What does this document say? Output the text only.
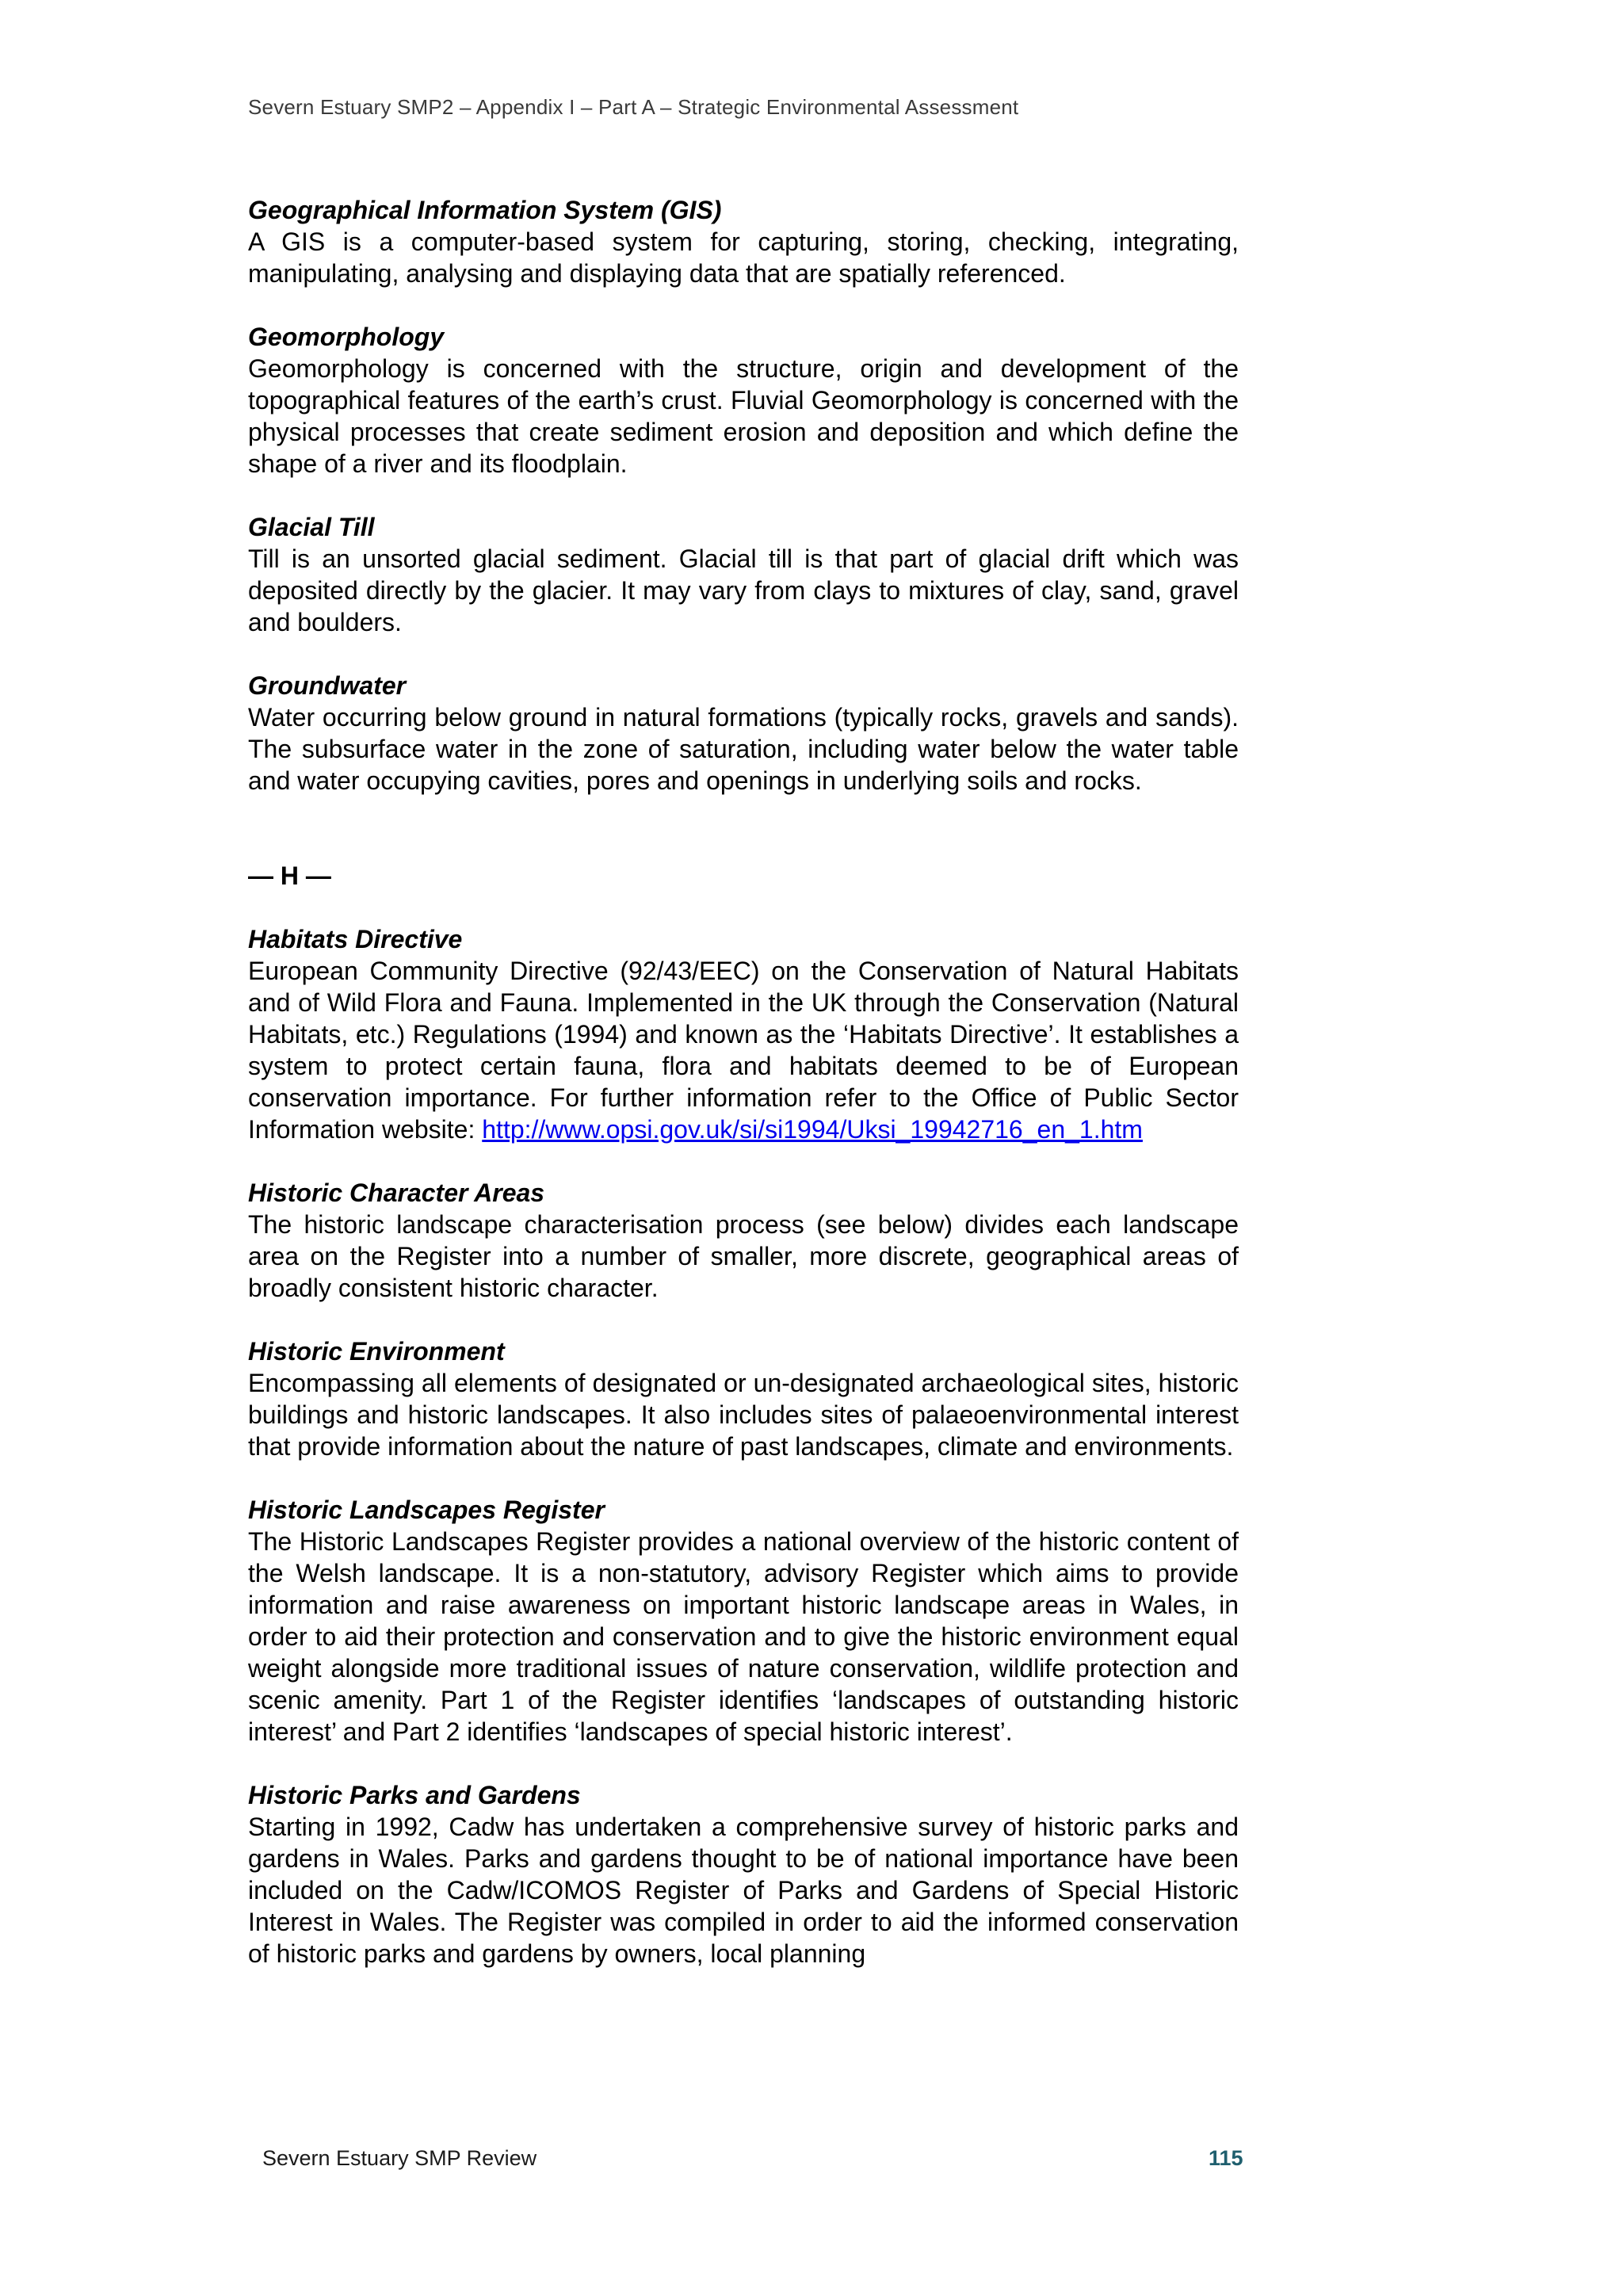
Severn Estuary SMP2 – Appendix I – Part A – Strategic Environmental Assessment

Geographical Information System (GIS)

A GIS is a computer-based system for capturing, storing, checking, integrating, manipulating, analysing and displaying data that are spatially referenced.

Geomorphology

Geomorphology is concerned with the structure, origin and development of the topographical features of the earth’s crust. Fluvial Geomorphology is concerned with the physical processes that create sediment erosion and deposition and which define the shape of a river and its floodplain.

Glacial Till

Till is an unsorted glacial sediment. Glacial till is that part of glacial drift which was deposited directly by the glacier. It may vary from clays to mixtures of clay, sand, gravel and boulders.

Groundwater

Water occurring below ground in natural formations (typically rocks, gravels and sands). The subsurface water in the zone of saturation, including water below the water table and water occupying cavities, pores and openings in underlying soils and rocks.

— H —

Habitats Directive

European Community Directive (92/43/EEC) on the Conservation of Natural Habitats and of Wild Flora and Fauna. Implemented in the UK through the Conservation (Natural Habitats, etc.) Regulations (1994) and known as the ‘Habitats Directive’. It establishes a system to protect certain fauna, flora and habitats deemed to be of European conservation importance. For further information refer to the Office of Public Sector Information website: http://www.opsi.gov.uk/si/si1994/Uksi_19942716_en_1.htm

Historic Character Areas

The historic landscape characterisation process (see below) divides each landscape area on the Register into a number of smaller, more discrete, geographical areas of broadly consistent historic character.

Historic Environment

Encompassing all elements of designated or un-designated archaeological sites, historic buildings and historic landscapes. It also includes sites of palaeoenvironmental interest that provide information about the nature of past landscapes, climate and environments.

Historic Landscapes Register

The Historic Landscapes Register provides a national overview of the historic content of the Welsh landscape. It is a non-statutory, advisory Register which aims to provide information and raise awareness on important historic landscape areas in Wales, in order to aid their protection and conservation and to give the historic environment equal weight alongside more traditional issues of nature conservation, wildlife protection and scenic amenity. Part 1 of the Register identifies ‘landscapes of outstanding historic interest’ and Part 2 identifies ‘landscapes of special historic interest’.

Historic Parks and Gardens

Starting in 1992, Cadw has undertaken a comprehensive survey of historic parks and gardens in Wales. Parks and gardens thought to be of national importance have been included on the Cadw/ICOMOS Register of Parks and Gardens of Special Historic Interest in Wales. The Register was compiled in order to aid the informed conservation of historic parks and gardens by owners, local planning

Severn Estuary SMP Review	115
